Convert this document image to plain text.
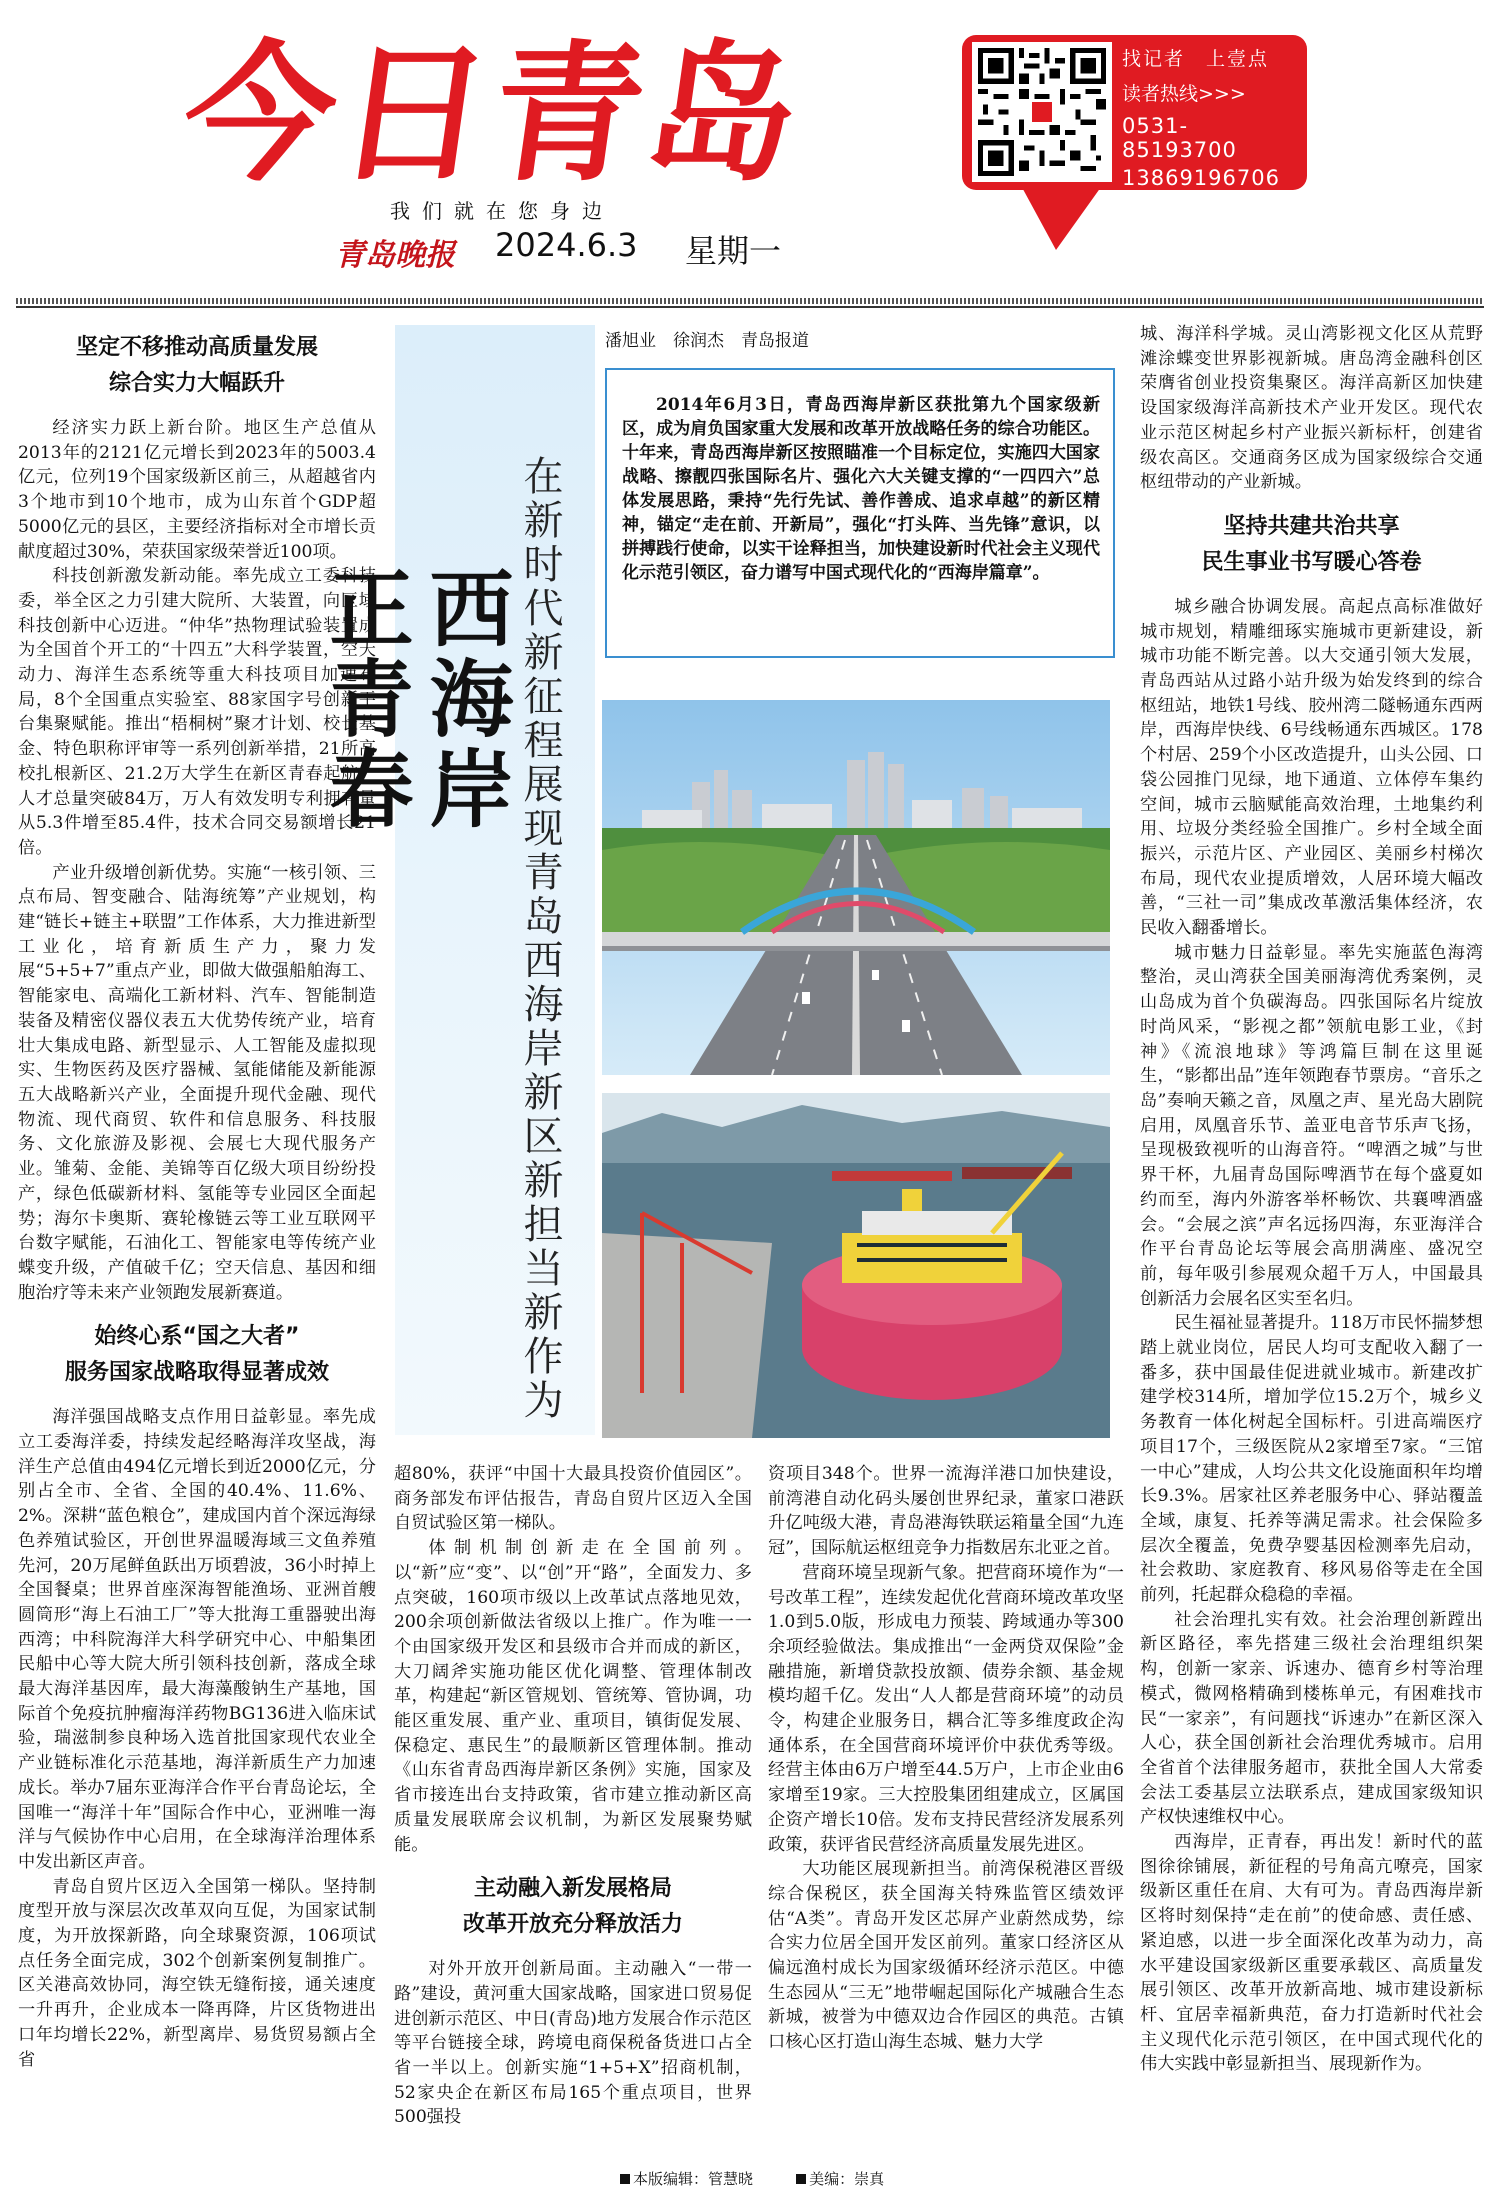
今日青岛
我们就在您身边
青岛晚报 2024.6.3 星期一
找记者　上壹点
读者热线>>>
0531-85193700
13869196706
坚定不移推动高质量发展
综合实力大幅跃升

经济实力跃上新台阶。地区生产总值从2013年的2121亿元增长到2023年的5003.4亿元，位列19个国家级新区前三，从超越省内3个地市到10个地市，成为山东首个GDP超5000亿元的县区，主要经济指标对全市增长贡献度超过30%，荣获国家级荣誉近100项。

科技创新激发新动能。率先成立工委科技委，举全区之力引建大院所、大装置，向区域科技创新中心迈进。“仲华”热物理试验装置成为全国首个开工的“十四五”大科学装置，空天动力、海洋生态系统等重大科技项目加速布局，8个全国重点实验室、88家国字号创新平台集聚赋能。推出“梧桐树”聚才计划、校长基金、特色职称评审等一系列创新举措，21所高校扎根新区、21.2万大学生在新区青春起航，人才总量突破84万，万人有效发明专利拥有量从5.3件增至85.4件，技术合同交易额增长21倍。

产业升级增创新优势。实施“一核引领、三点布局、智变融合、陆海统筹”产业规划，构建“链长+链主+联盟”工作体系，大力推进新型工业化，培育新质生产力，聚力发展“5+5+7”重点产业，即做大做强船舶海工、智能家电、高端化工新材料、汽车、智能制造装备及精密仪器仪表五大优势传统产业，培育壮大集成电路、新型显示、人工智能及虚拟现实、生物医药及医疗器械、氢能储能及新能源五大战略新兴产业，全面提升现代金融、现代物流、现代商贸、软件和信息服务、科技服务、文化旅游及影视、会展七大现代服务产业。雏菊、金能、美锦等百亿级大项目纷纷投产，绿色低碳新材料、氢能等专业园区全面起势；海尔卡奥斯、赛轮橡链云等工业互联网平台数字赋能，石油化工、智能家电等传统产业蝶变升级，产值破千亿；空天信息、基因和细胞治疗等未来产业领跑发展新赛道。

始终心系“国之大者”
服务国家战略取得显著成效

海洋强国战略支点作用日益彰显。率先成立工委海洋委，持续发起经略海洋攻坚战，海洋生产总值由494亿元增长到近2000亿元，分别占全市、全省、全国的40.4%、11.6%、2%。深耕“蓝色粮仓”，建成国内首个深远海绿色养殖试验区，开创世界温暖海域三文鱼养殖先河，20万尾鲜鱼跃出万顷碧波，36小时掉上全国餐桌；世界首座深海智能渔场、亚洲首艘圆筒形“海上石油工厂”等大批海工重器驶出海西湾；中科院海洋大科学研究中心、中船集团民船中心等大院大所引领科技创新，落成全球最大海洋基因库，最大海藻酸钠生产基地，国际首个免疫抗肿瘤海洋药物BG136进入临床试验，瑞滋制参良种场入选首批国家现代农业全产业链标准化示范基地，海洋新质生产力加速成长。举办7届东亚海洋合作平台青岛论坛，全国唯一“海洋十年”国际合作中心，亚洲唯一海洋与气候协作中心启用，在全球海洋治理体系中发出新区声音。

青岛自贸片区迈入全国第一梯队。坚持制度型开放与深层次改革双向互促，为国家试制度，为开放探新路，向全球聚资源，106项试点任务全面完成，302个创新案例复制推广。区关港高效协同，海空铁无缝衔接，通关速度一升再升，企业成本一降再降，片区货物进出口年均增长22%，新型离岸、易货贸易额占全省

在新时代新征程展现青岛西海岸新区新担当新作为
西海岸
正青春
潘旭业　徐润杰　青岛报道

2014年6月3日，青岛西海岸新区获批第九个国家级新区，成为肩负国家重大发展和改革开放战略任务的综合功能区。十年来，青岛西海岸新区按照瞄准一个目标定位，实施四大国家战略、擦靓四张国际名片、强化六大关键支撑的“一四四六”总体发展思路，秉持“先行先试、善作善成、追求卓越”的新区精神，锚定“走在前、开新局”，强化“打头阵、当先锋”意识，以拼搏践行使命，以实干诠释担当，加快建设新时代社会主义现代化示范引领区，奋力谱写中国式现代化的“西海岸篇章”。

超80%，获评“中国十大最具投资价值园区”。商务部发布评估报告，青岛自贸片区迈入全国自贸试验区第一梯队。

体制机制创新走在全国前列。以“新”应“变”、以“创”开“路”，全面发力、多点突破，160项市级以上改革试点落地见效，200余项创新做法省级以上推广。作为唯一一个由国家级开发区和县级市合并而成的新区，大刀阔斧实施功能区优化调整、管理体制改革，构建起“新区管规划、管统筹、管协调，功能区重发展、重产业、重项目，镇街促发展、保稳定、惠民生”的最顺新区管理体制。推动《山东省青岛西海岸新区条例》实施，国家及省市接连出台支持政策，省市建立推动新区高质量发展联席会议机制，为新区发展聚势赋能。

主动融入新发展格局
改革开放充分释放活力

对外开放开创新局面。主动融入“一带一路”建设，黄河重大国家战略，国家进口贸易促进创新示范区、中日(青岛)地方发展合作示范区等平台链接全球，跨境电商保税备货进口占全省一半以上。创新实施“1+5+X”招商机制，52家央企在新区布局165个重点项目，世界500强投

资项目348个。世界一流海洋港口加快建设，前湾港自动化码头屡创世界纪录，董家口港跃升亿吨级大港，青岛港海铁联运箱量全国“九连冠”，国际航运枢纽竞争力指数居东北亚之首。

营商环境呈现新气象。把营商环境作为“一号改革工程”，连续发起优化营商环境改革攻坚1.0到5.0版，形成电力预装、跨域通办等300余项经验做法。集成推出“一金两贷双保险”金融措施，新增贷款投放额、债券余额、基金规模均超千亿。发出“人人都是营商环境”的动员令，构建企业服务日，耦合汇等多维度政企沟通体系，在全国营商环境评价中获优秀等级。经营主体由6万户增至44.5万户，上市企业由6家增至19家。三大控股集团组建成立，区属国企资产增长10倍。发布支持民营经济发展系列政策，获评省民营经济高质量发展先进区。

大功能区展现新担当。前湾保税港区晋级综合保税区，获全国海关特殊监管区绩效评估“A类”。青岛开发区芯屏产业蔚然成势，综合实力位居全国开发区前列。董家口经济区从偏远渔村成长为国家级循环经济示范区。中德生态园从“三无”地带崛起国际化产城融合生态新城，被誉为中德双边合作园区的典范。古镇口核心区打造山海生态城、魅力大学

城、海洋科学城。灵山湾影视文化区从荒野滩涂蝶变世界影视新城。唐岛湾金融科创区荣膺省创业投资集聚区。海洋高新区加快建设国家级海洋高新技术产业开发区。现代农业示范区树起乡村产业振兴新标杆，创建省级农高区。交通商务区成为国家级综合交通枢纽带动的产业新城。

坚持共建共治共享
民生事业书写暖心答卷

城乡融合协调发展。高起点高标准做好城市规划，精雕细琢实施城市更新建设，新城市功能不断完善。以大交通引领大发展，青岛西站从过路小站升级为始发终到的综合枢纽站，地铁1号线、胶州湾二隧畅通东西两岸，西海岸快线、6号线畅通东西城区。178个村居、259个小区改造提升，山头公园、口袋公园推门见绿，地下通道、立体停车集约空间，城市云脑赋能高效治理，土地集约利用、垃圾分类经验全国推广。乡村全域全面振兴，示范片区、产业园区、美丽乡村梯次布局，现代农业提质增效，人居环境大幅改善，“三社一司”集成改革激活集体经济，农民收入翻番增长。

城市魅力日益彰显。率先实施蓝色海湾整治，灵山湾获全国美丽海湾优秀案例，灵山岛成为首个负碳海岛。四张国际名片绽放时尚风采，“影视之都”领航电影工业，《封神》《流浪地球》等鸿篇巨制在这里诞生，“影都出品”连年领跑春节票房。“音乐之岛”奏响天籁之音，凤凰之声、星光岛大剧院启用，凤凰音乐节、盖亚电音节乐声飞扬，呈现极致视听的山海音符。“啤酒之城”与世界干杯，九届青岛国际啤酒节在每个盛夏如约而至，海内外游客举杯畅饮、共襄啤酒盛会。“会展之滨”声名远扬四海，东亚海洋合作平台青岛论坛等展会高朋满座、盛况空前，每年吸引参展观众超千万人，中国最具创新活力会展名区实至名归。

民生福祉显著提升。118万市民怀揣梦想踏上就业岗位，居民人均可支配收入翻了一番多，获中国最佳促进就业城市。新建改扩建学校314所，增加学位15.2万个，城乡义务教育一体化树起全国标杆。引进高端医疗项目17个，三级医院从2家增至7家。“三馆一中心”建成，人均公共文化设施面积年均增长9.3%。居家社区养老服务中心、驿站覆盖全域，康复、托养等满足需求。社会保险多层次全覆盖，免费孕婴基因检测率先启动，社会救助、家庭教育、移风易俗等走在全国前列，托起群众稳稳的幸福。

社会治理扎实有效。社会治理创新蹚出新区路径，率先搭建三级社会治理组织架构，创新一家亲、诉速办、德育乡村等治理模式，微网格精确到楼栋单元，有困难找市民“一家亲”，有问题找“诉速办”在新区深入人心，获全国创新社会治理优秀城市。启用全省首个法律服务超市，获批全国人大常委会法工委基层立法联系点，建成国家级知识产权快速维权中心。

西海岸，正青春，再出发！新时代的蓝图徐徐铺展，新征程的号角高亢嘹亮，国家级新区重任在肩、大有可为。青岛西海岸新区将时刻保持“走在前”的使命感、责任感、紧迫感，以进一步全面深化改革为动力，高水平建设国家级新区重要承载区、高质量发展引领区、改革开放新高地、城市建设新标杆、宜居幸福新典范，奋力打造新时代社会主义现代化示范引领区，在中国式现代化的伟大实践中彰显新担当、展现新作为。

本版编辑：管慧晓	美编：崇真
